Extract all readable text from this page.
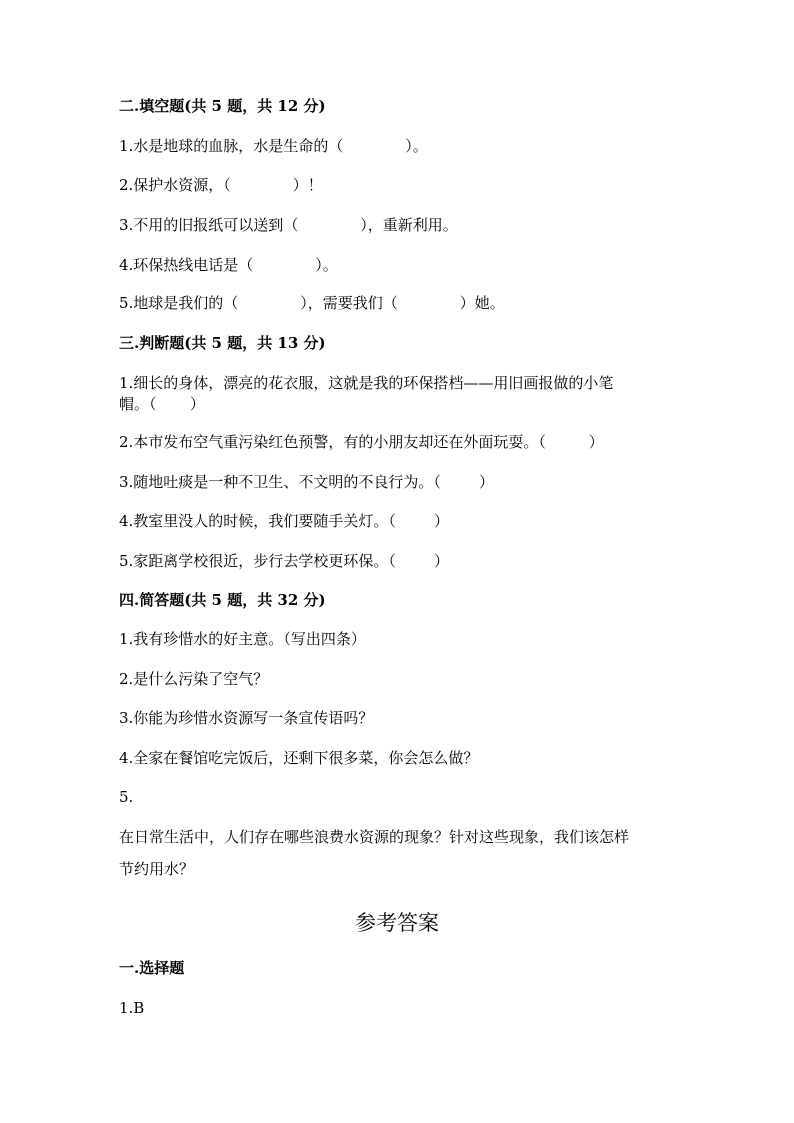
二.填空题(共 5 题，共 12 分)
1.水是地球的血脉，水是生命的（             ）。
2.保护水资源，（             ）！
3.不用的旧报纸可以送到（             ），重新利用。
4.环保热线电话是（             ）。
5.地球是我们的（             ），需要我们（             ）她。
三.判断题(共 5 题，共 13 分)
1.细长的身体，漂亮的花衣服，这就是我的环保搭档——用旧画报做的小笔
帽。（       ）
2.本市发布空气重污染红色预警，有的小朋友却还在外面玩耍。（         ）
3.随地吐痰是一种不卫生、不文明的不良行为。（        ）
4.教室里没人的时候，我们要随手关灯。（        ）
5.家距离学校很近，步行去学校更环保。（        ）
四.简答题(共 5 题，共 32 分)
1.我有珍惜水的好主意。（写出四条）
2.是什么污染了空气？
3.你能为珍惜水资源写一条宣传语吗？
4.全家在餐馆吃完饭后，还剩下很多菜，你会怎么做？
5.
在日常生活中，人们存在哪些浪费水资源的现象？针对这些现象，我们该怎样
节约用水？
参考答案
一.选择题
1.B
